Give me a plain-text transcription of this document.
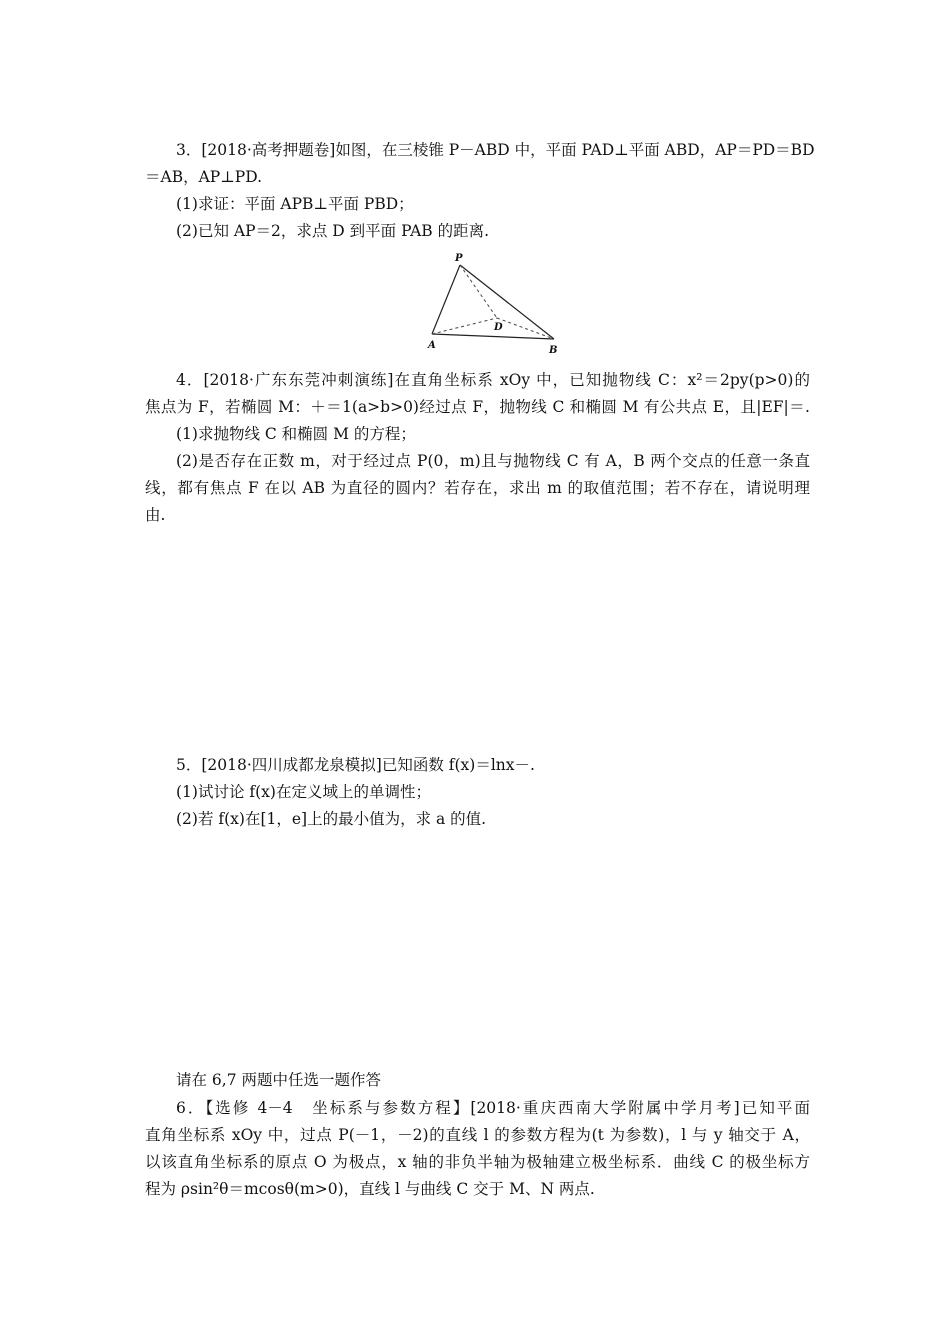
3．[2018·高考押题卷]如图，在三棱锥 P－ABD 中，平面 PAD⊥平面 ABD，AP＝PD＝BD
＝AB，AP⊥PD.
(1)求证：平面 APB⊥平面 PBD；
(2)已知 AP＝2，求点 D 到平面 PAB 的距离.
P
A	B
D
4．[2018·广东东莞冲刺演练]在直角坐标系 xOy 中，已知抛物线 C：x²＝2py(p>0)的
焦点为 F，若椭圆 M：＋＝1(a>b>0)经过点 F，抛物线 C 和椭圆 M 有公共点 E，且|EF|＝.
(1)求抛物线 C 和椭圆 M 的方程；
(2)是否存在正数 m，对于经过点 P(0，m)且与抛物线 C 有 A，B 两个交点的任意一条直
线，都有焦点 F 在以 AB 为直径的圆内？若存在，求出 m 的取值范围；若不存在，请说明理
由.
5．[2018·四川成都龙泉模拟]已知函数 f(x)＝lnx－.
(1)试讨论 f(x)在定义域上的单调性；
(2)若 f(x)在[1，e]上的最小值为，求 a 的值.
请在 6,7 两题中任选一题作答
6．【选修 4－4　坐标系与参数方程】[2018·重庆西南大学附属中学月考]已知平面
直角坐标系 xOy 中，过点 P(－1，－2)的直线 l 的参数方程为(t 为参数)，l 与 y 轴交于 A，
以该直角坐标系的原点 O 为极点，x 轴的非负半轴为极轴建立极坐标系．曲线 C 的极坐标方
程为 ρsin²θ＝mcosθ(m>0)，直线 l 与曲线 C 交于 M、N 两点.
